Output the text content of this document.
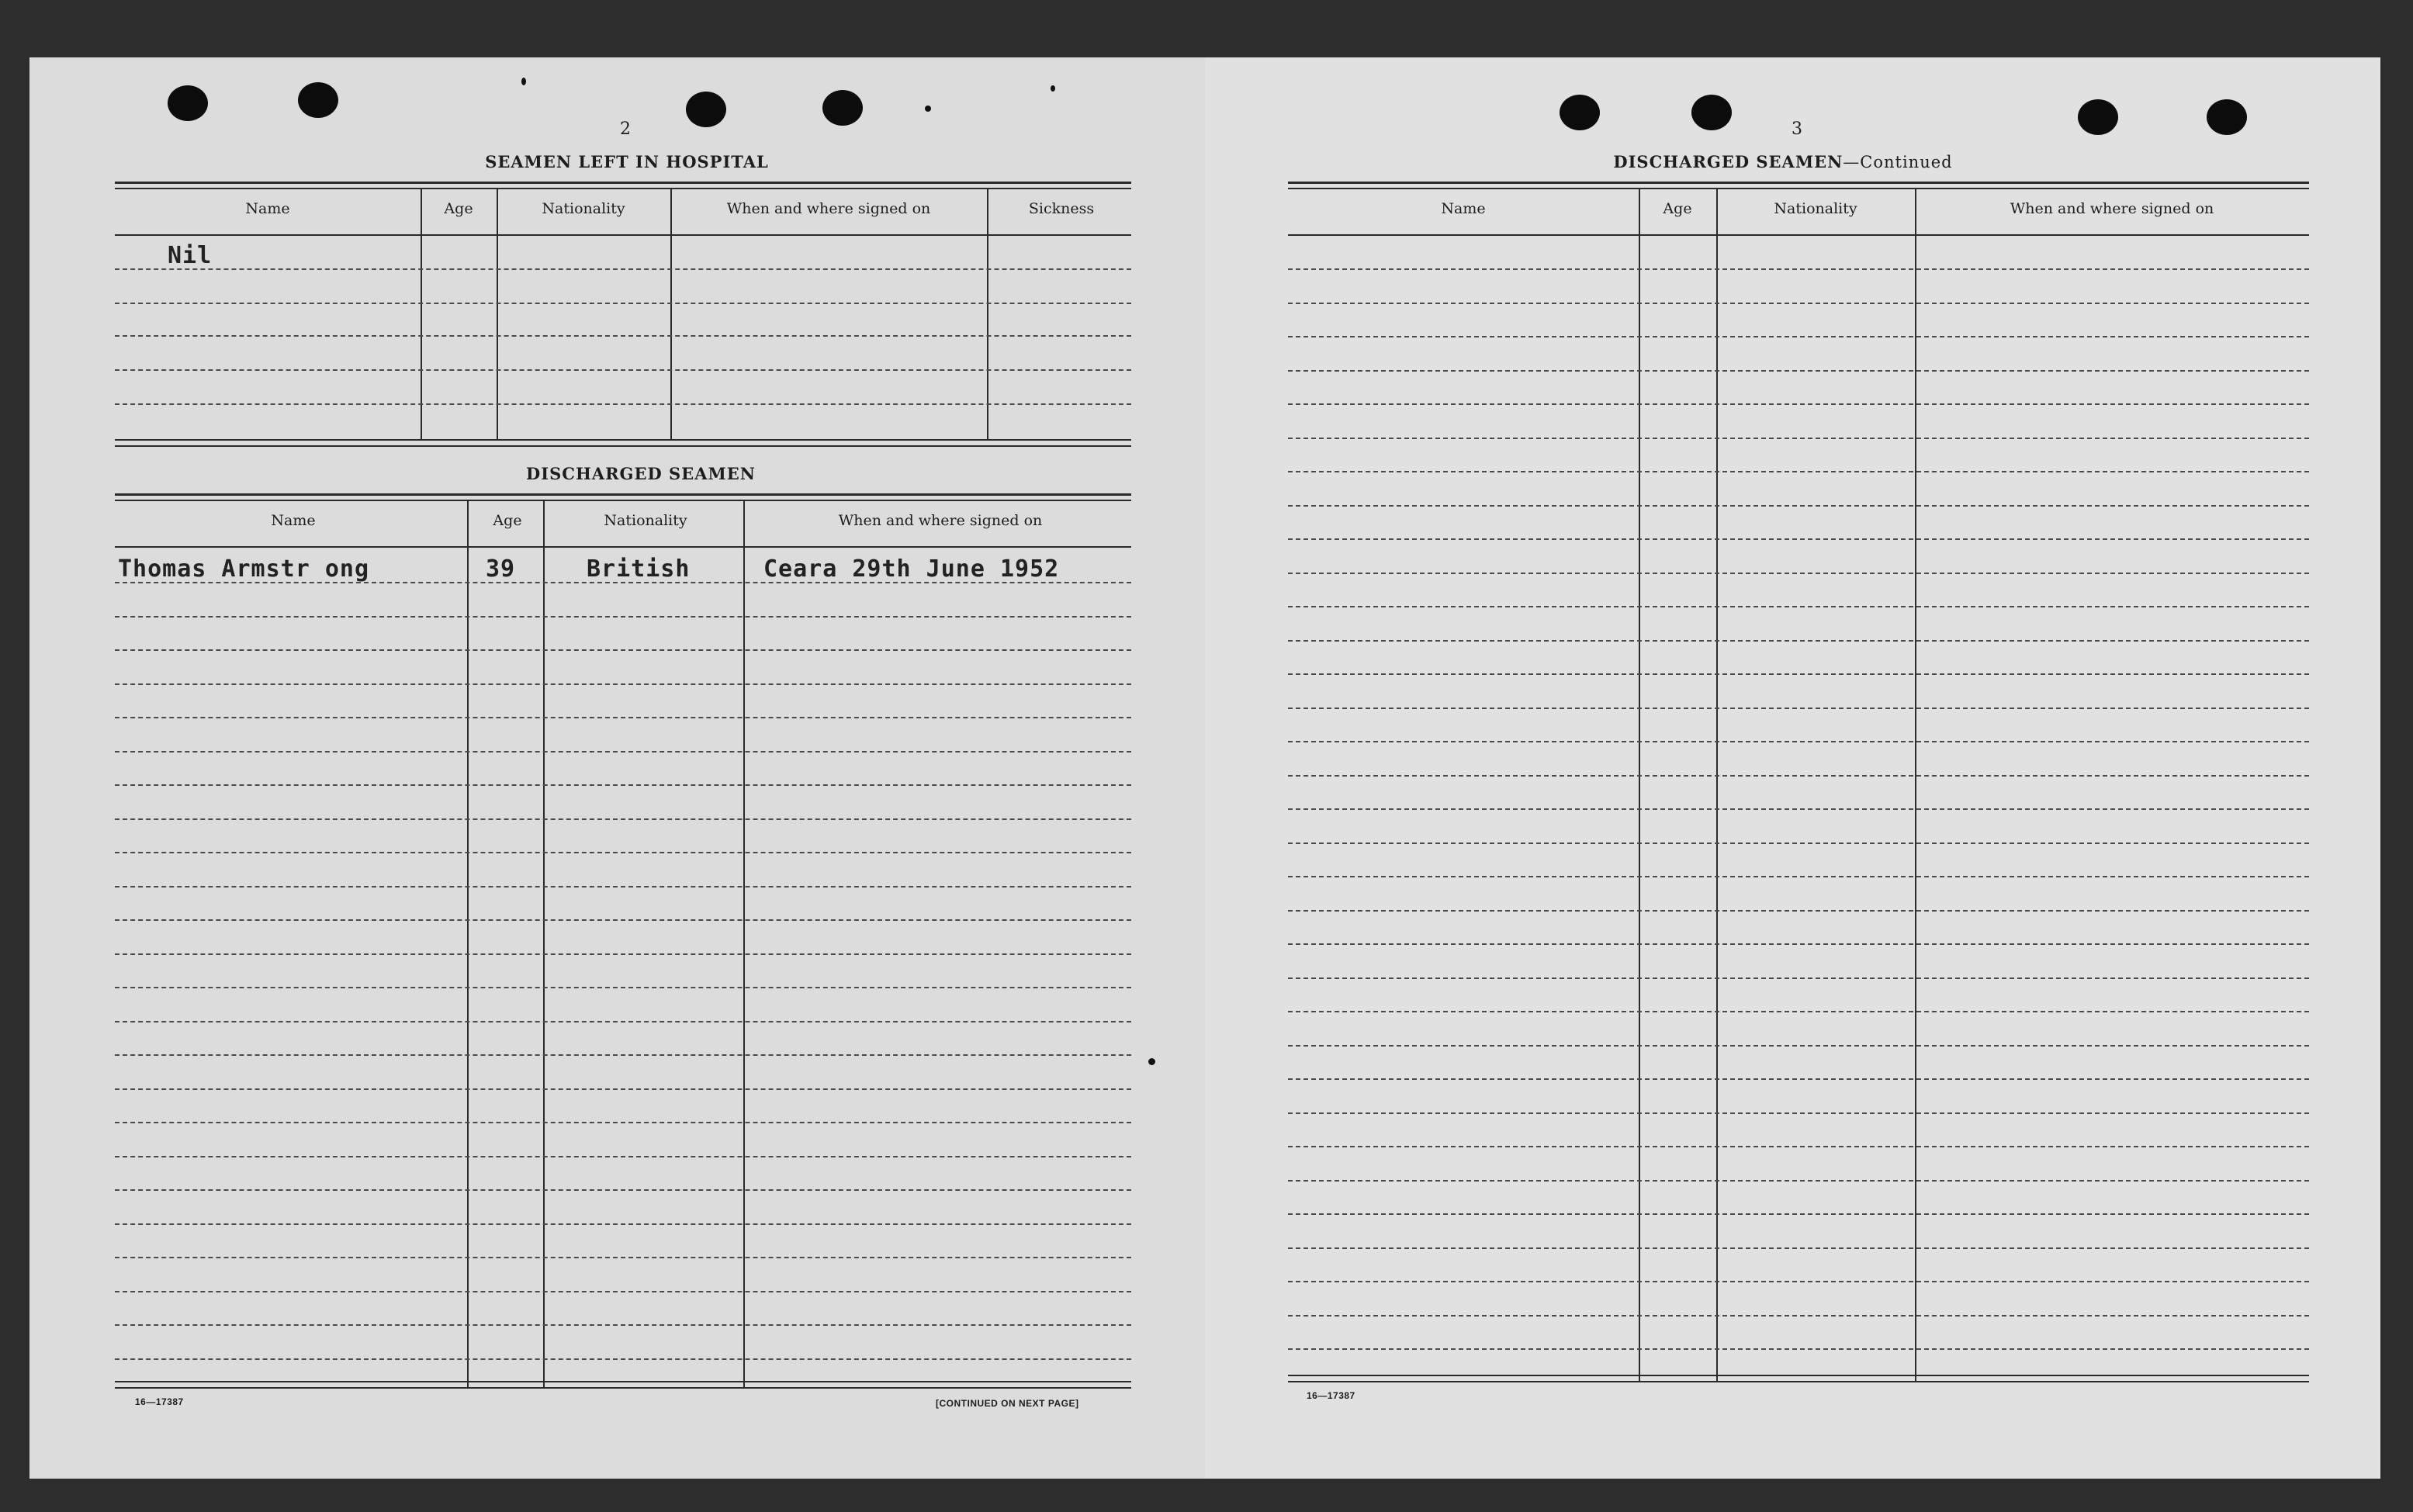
2
SEAMEN LEFT IN HOSPITAL
Name	Age	Nationality	When and where signed on	Sickness
Nil
DISCHARGED SEAMEN
Name	Age	Nationality	When and where signed on
Thomas Armstr ong	39	British	Ceara 29th June 1952
16—17387	[CONTINUED ON NEXT PAGE]
3
DISCHARGED SEAMEN—Continued
Name	Age	Nationality	When and where signed on
16—17387
